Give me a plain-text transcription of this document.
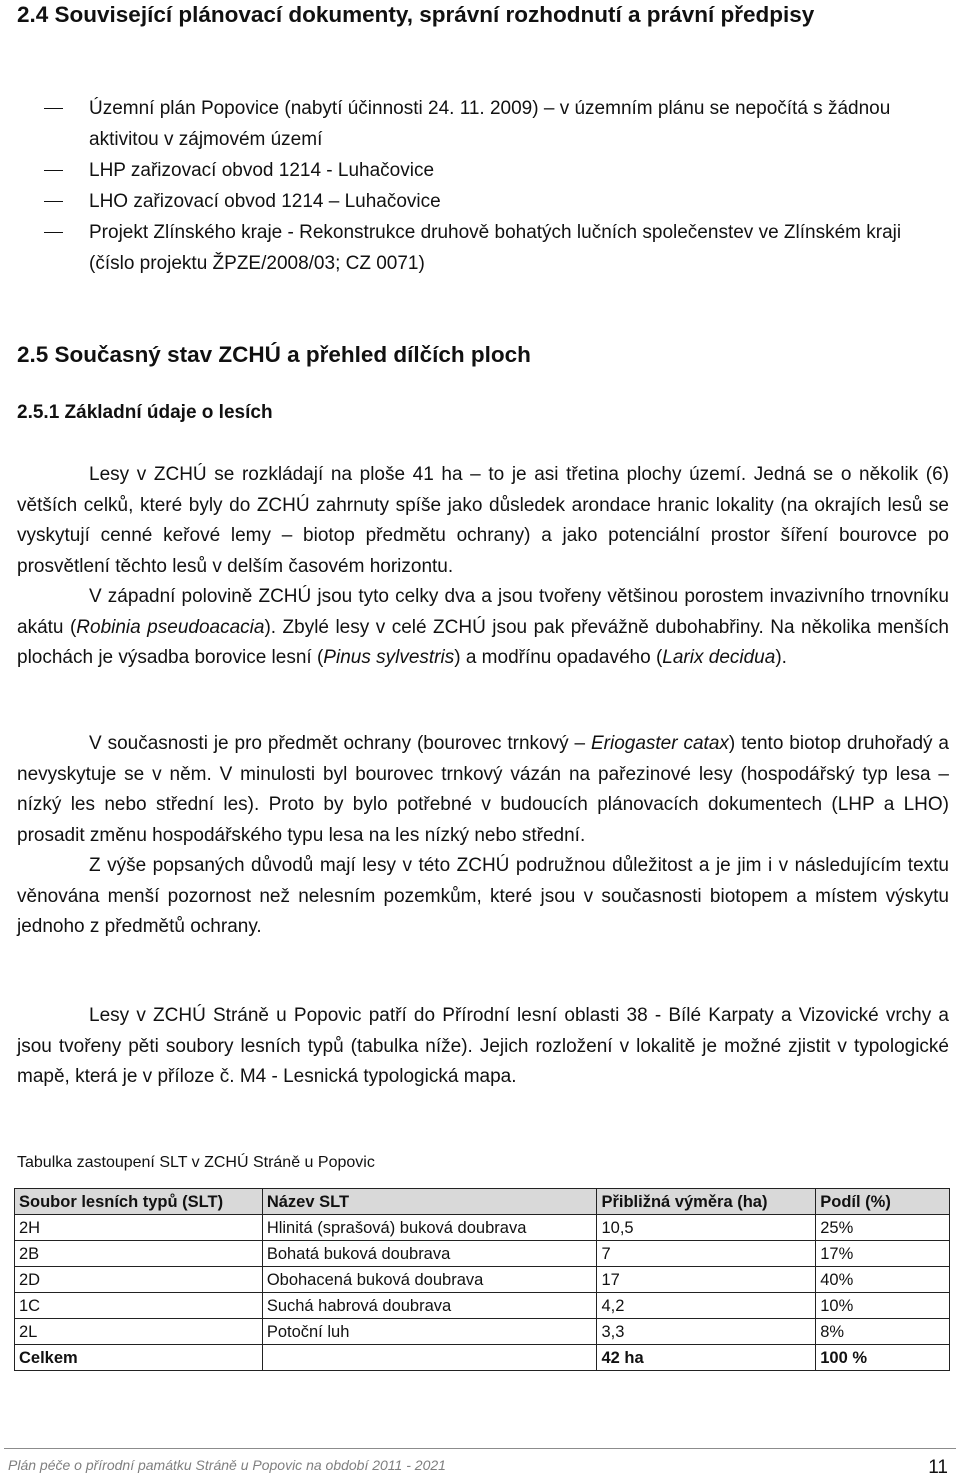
2.4 Související plánovací dokumenty, správní rozhodnutí a právní předpisy
Územní plán Popovice (nabytí účinnosti 24. 11. 2009) – v územním plánu se nepočítá s žádnou aktivitou v zájmovém území
LHP zařizovací obvod 1214 - Luhačovice
LHO zařizovací obvod 1214 – Luhačovice
Projekt Zlínského kraje - Rekonstrukce druhově bohatých lučních společenstev ve Zlínském kraji (číslo projektu ŽPZE/2008/03; CZ 0071)
2.5 Současný stav ZCHÚ a přehled dílčích ploch
2.5.1 Základní údaje o lesích

Lesy v ZCHÚ se rozkládají na ploše 41 ha – to je asi třetina plochy území. Jedná se o několik (6) větších celků, které byly do ZCHÚ zahrnuty spíše jako důsledek arondace hranic lokality (na okrajích lesů se vyskytují cenné keřové lemy – biotop předmětu ochrany) a jako potenciální prostor šíření bourovce po prosvětlení těchto lesů v delším časovém horizontu.

V západní polovině ZCHÚ jsou tyto celky dva a jsou tvořeny většinou porostem invazivního trnovníku akátu (Robinia pseudoacacia). Zbylé lesy v celé ZCHÚ jsou pak převážně dubohabřiny. Na několika menších plochách je výsadba borovice lesní (Pinus sylvestris) a modřínu opadavého (Larix decidua).

V současnosti je pro předmět ochrany (bourovec trnkový – Eriogaster catax) tento biotop druhořadý a nevyskytuje se v něm. V minulosti byl bourovec trnkový vázán na pařezinové lesy (hospodářský typ lesa – nízký les nebo střední les). Proto by bylo potřebné v budoucích plánovacích dokumentech (LHP a LHO) prosadit změnu hospodářského typu lesa na les nízký nebo střední.

Z výše popsaných důvodů mají lesy v této ZCHÚ podružnou důležitost a je jim i v následujícím textu věnována menší pozornost než nelesním pozemkům, které jsou v současnosti biotopem a místem výskytu jednoho z předmětů ochrany.

Lesy v ZCHÚ Stráně u Popovic patří do Přírodní lesní oblasti 38 - Bílé Karpaty a Vizovické vrchy a jsou tvořeny pěti soubory lesních typů (tabulka níže). Jejich rozložení v lokalitě je možné zjistit v typologické mapě, která je v příloze č. M4 - Lesnická typologická mapa.

Tabulka zastoupení SLT v ZCHÚ Stráně u Popovic

Soubor lesních typů (SLT)	Název SLT	Přibližná výměra (ha)	Podíl (%)
2H	Hlinitá (sprašová) buková doubrava	10,5	25%
2B	Bohatá buková doubrava	7	17%
2D	Obohacená buková doubrava	17	40%
1C	Suchá habrová doubrava	4,2	10%
2L	Potoční luh	3,3	8%
Celkem		42 ha	100 %

Plán péče o přírodní památku Stráně u Popovic na období 2011 - 2021	11
